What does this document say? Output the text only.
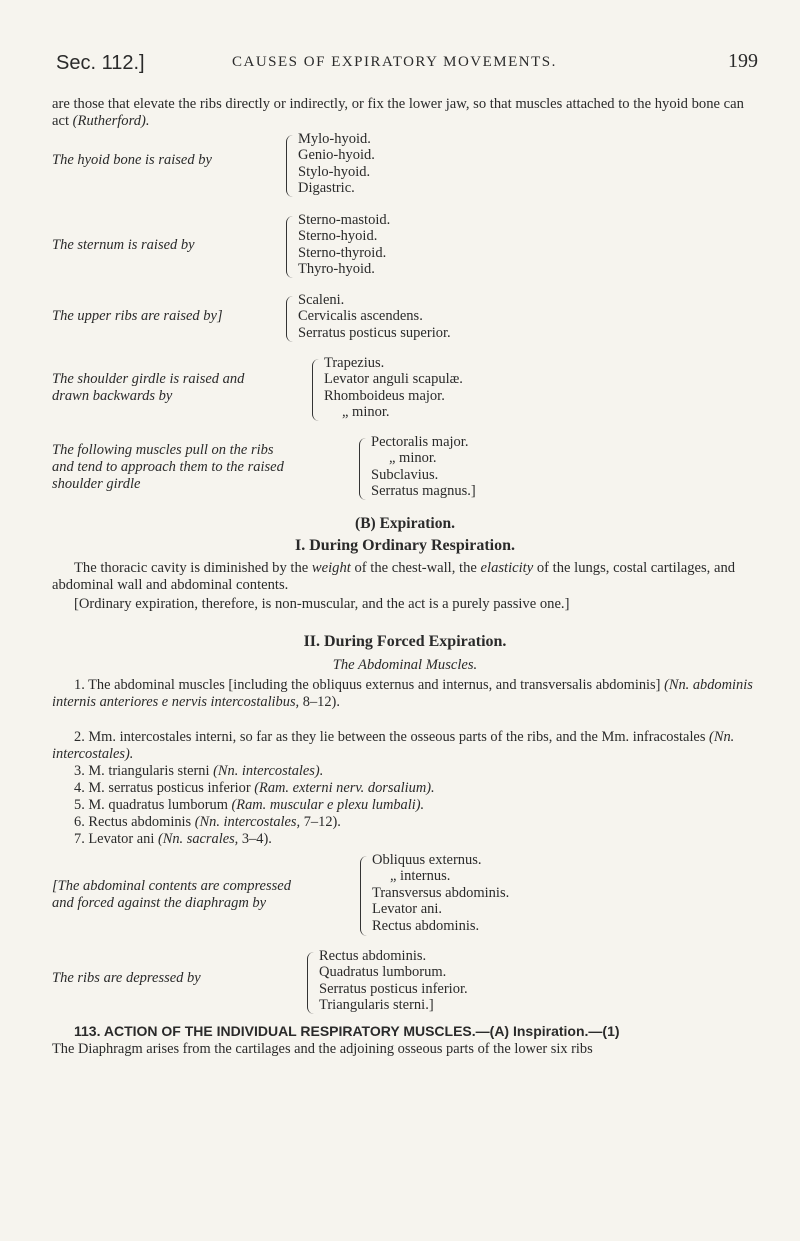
Sec. 112.]	CAUSES OF EXPIRATORY MOVEMENTS.	199
are those that elevate the ribs directly or indirectly, or fix the lower jaw, so that muscles attached to the hyoid bone can act (Rutherford).
The hyoid bone is raised by
Mylo-hyoid.
Genio-hyoid.
Stylo-hyoid.
Digastric.
The sternum is raised by
Sterno-mastoid.
Sterno-hyoid.
Sterno-thyroid.
Thyro-hyoid.
The upper ribs are raised by]
Scaleni.
Cervicalis ascendens.
Serratus posticus superior.
The shoulder girdle is raised and
drawn backwards by
Trapezius.
Levator anguli scapulæ.
Rhomboideus major.
„ minor.
The following muscles pull on the ribs
and tend to approach them to the raised
shoulder girdle
Pectoralis major.
„ minor.
Subclavius.
Serratus magnus.]
(B) Expiration.
I. During Ordinary Respiration.
The thoracic cavity is diminished by the weight of the chest-wall, the elasticity of the lungs, costal cartilages, and abdominal wall and abdominal contents.
[Ordinary expiration, therefore, is non-muscular, and the act is a purely passive one.]
II. During Forced Expiration.
The Abdominal Muscles.
1. The abdominal muscles [including the obliquus externus and internus, and transversalis abdominis] (Nn. abdominis internis anteriores e nervis intercostalibus, 8–12).
2. Mm. intercostales interni, so far as they lie between the osseous parts of the ribs, and the Mm. infracostales (Nn. intercostales).
3. M. triangularis sterni (Nn. intercostales).
4. M. serratus posticus inferior (Ram. externi nerv. dorsalium).
5. M. quadratus lumborum (Ram. muscular e plexu lumbali).
6. Rectus abdominis (Nn. intercostales, 7–12).
7. Levator ani (Nn. sacrales, 3–4).
[The abdominal contents are compressed
and forced against the diaphragm by
Obliquus externus.
„ internus.
Transversus abdominis.
Levator ani.
Rectus abdominis.
The ribs are depressed by
Rectus abdominis.
Quadratus lumborum.
Serratus posticus inferior.
Triangularis sterni.]
113. ACTION OF THE INDIVIDUAL RESPIRATORY MUSCLES.—(A) Inspiration.—(1)
The Diaphragm arises from the cartilages and the adjoining osseous parts of the lower six ribs
